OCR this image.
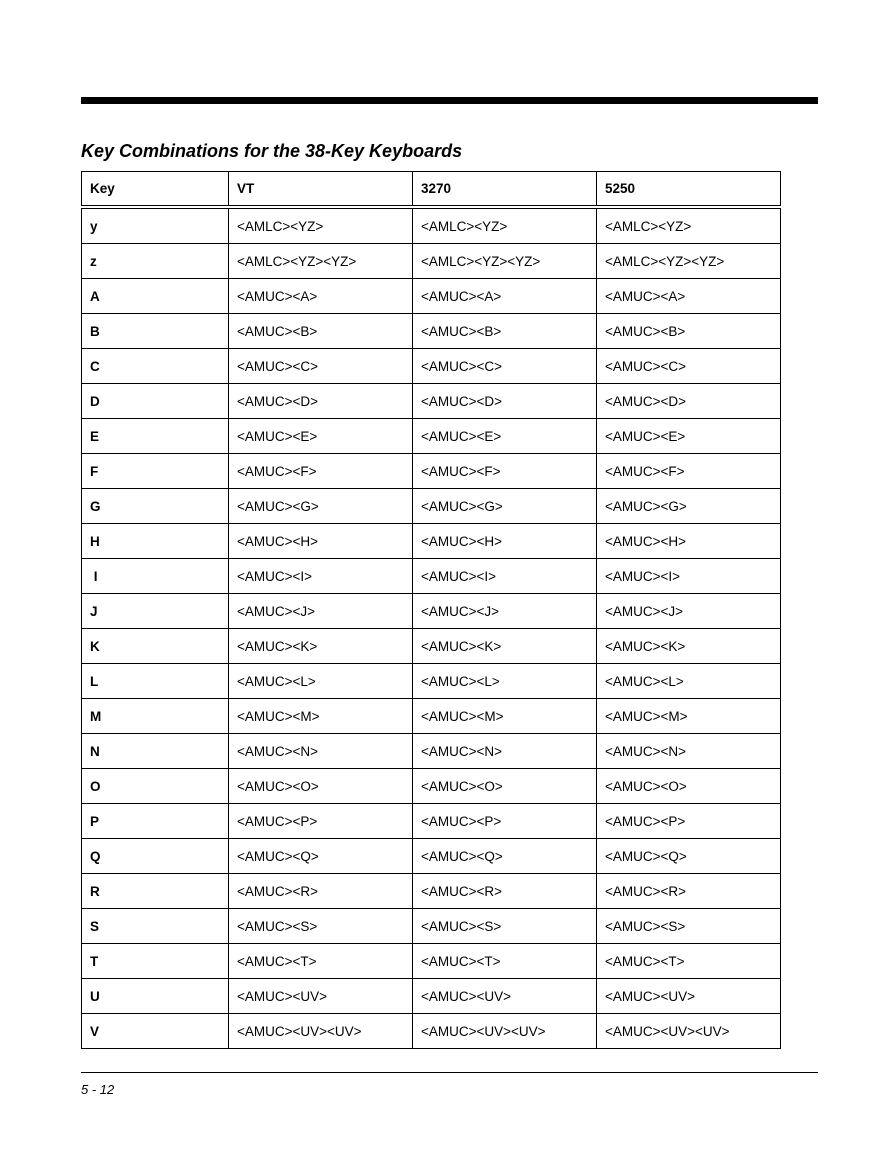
Key Combinations for the 38-Key Keyboards
Key	VT	3270	5250
y	<AMLC><YZ>	<AMLC><YZ>	<AMLC><YZ>
z	<AMLC><YZ><YZ>	<AMLC><YZ><YZ>	<AMLC><YZ><YZ>
A	<AMUC><A>	<AMUC><A>	<AMUC><A>
B	<AMUC><B>	<AMUC><B>	<AMUC><B>
C	<AMUC><C>	<AMUC><C>	<AMUC><C>
D	<AMUC><D>	<AMUC><D>	<AMUC><D>
E	<AMUC><E>	<AMUC><E>	<AMUC><E>
F	<AMUC><F>	<AMUC><F>	<AMUC><F>
G	<AMUC><G>	<AMUC><G>	<AMUC><G>
H	<AMUC><H>	<AMUC><H>	<AMUC><H>
I	<AMUC><I>	<AMUC><I>	<AMUC><I>
J	<AMUC><J>	<AMUC><J>	<AMUC><J>
K	<AMUC><K>	<AMUC><K>	<AMUC><K>
L	<AMUC><L>	<AMUC><L>	<AMUC><L>
M	<AMUC><M>	<AMUC><M>	<AMUC><M>
N	<AMUC><N>	<AMUC><N>	<AMUC><N>
O	<AMUC><O>	<AMUC><O>	<AMUC><O>
P	<AMUC><P>	<AMUC><P>	<AMUC><P>
Q	<AMUC><Q>	<AMUC><Q>	<AMUC><Q>
R	<AMUC><R>	<AMUC><R>	<AMUC><R>
S	<AMUC><S>	<AMUC><S>	<AMUC><S>
T	<AMUC><T>	<AMUC><T>	<AMUC><T>
U	<AMUC><UV>	<AMUC><UV>	<AMUC><UV>
V	<AMUC><UV><UV>	<AMUC><UV><UV>	<AMUC><UV><UV>
5 - 12
